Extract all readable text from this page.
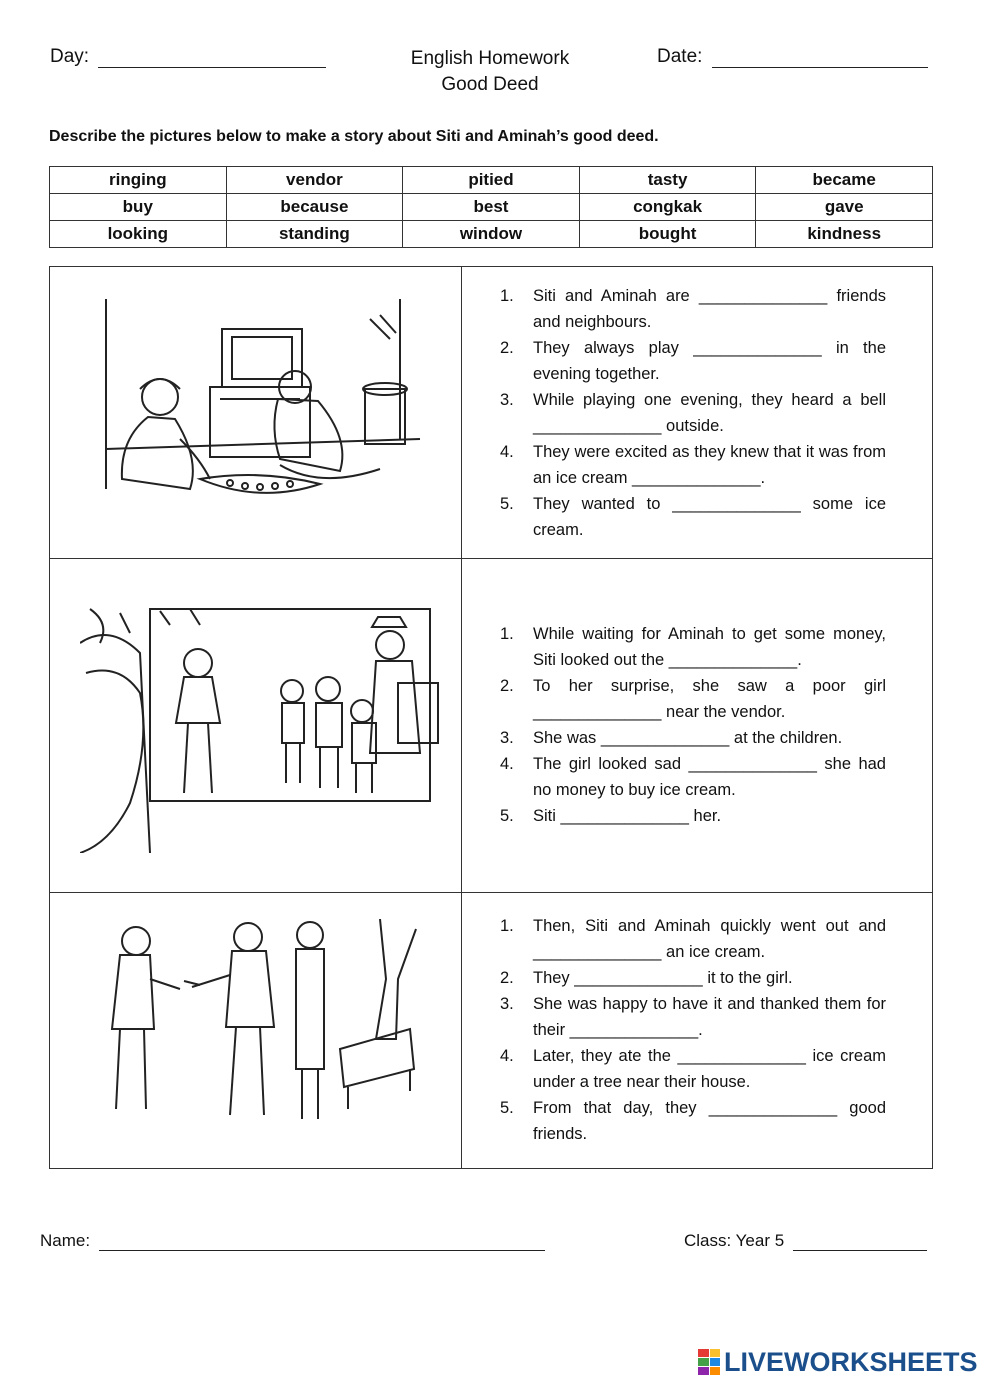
Day:	English Homework
Good Deed
Date:
Describe the pictures below to make a story about Siti and Aminah’s good deed.
ringing	vendor	pitied	tasty	became
buy	because	best	congkak	gave
looking	standing	window	bought	kindness
1. Siti and Aminah are ______________ friends and neighbours.
2. They always play ______________ in the evening together.
3. While playing one evening, they heard a bell ______________ outside.
4. They were excited as they knew that it was from an ice cream ______________.
5. They wanted to ______________ some ice cream.
1. While waiting for Aminah to get some money, Siti looked out the ______________.
2. To her surprise, she saw a poor girl ______________ near the vendor.
3. She was ______________ at the children.
4. The girl looked sad ______________ she had no money to buy ice cream.
5. Siti ______________ her.
1. Then, Siti and Aminah quickly went out and ______________ an ice cream.
2. They ______________ it to the girl.
3. She was happy to have it and thanked them for their ______________.
4. Later, they ate the ______________ ice cream under a tree near their house.
5. From that day, they ______________ good friends.
Name:	Class: Year 5
LIVEWORKSHEETS
